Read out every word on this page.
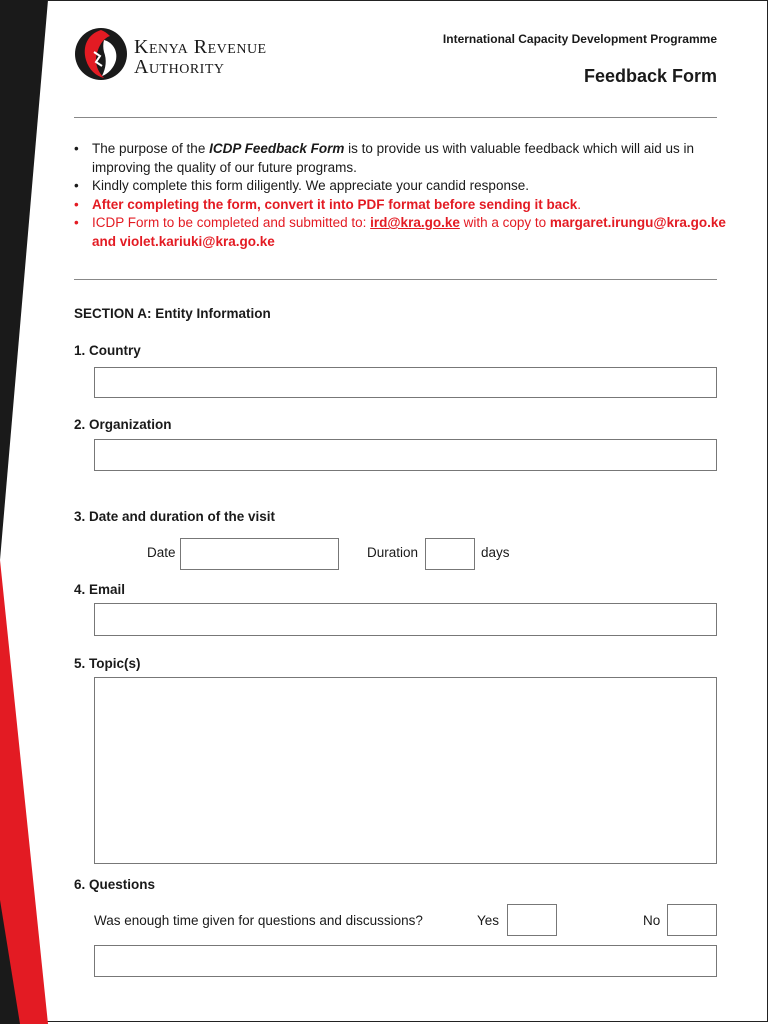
Kenya Revenue
Authority
International Capacity Development Programme
Feedback Form
• The purpose of the ICDP Feedback Form is to provide us with valuable feedback which will aid us in improving the quality of our future programs.
• Kindly complete this form diligently. We appreciate your candid response.
• After completing the form, convert it into PDF format before sending it back.
• ICDP Form to be completed and submitted to: ird@kra.go.ke with a copy to margaret.irungu@kra.go.ke and violet.kariuki@kra.go.ke
SECTION A: Entity Information
1. Country
2. Organization
3. Date and duration of the visit
Date	Duration	days
4. Email
5. Topic(s)
6. Questions
Was enough time given for questions and discussions?	Yes	No
